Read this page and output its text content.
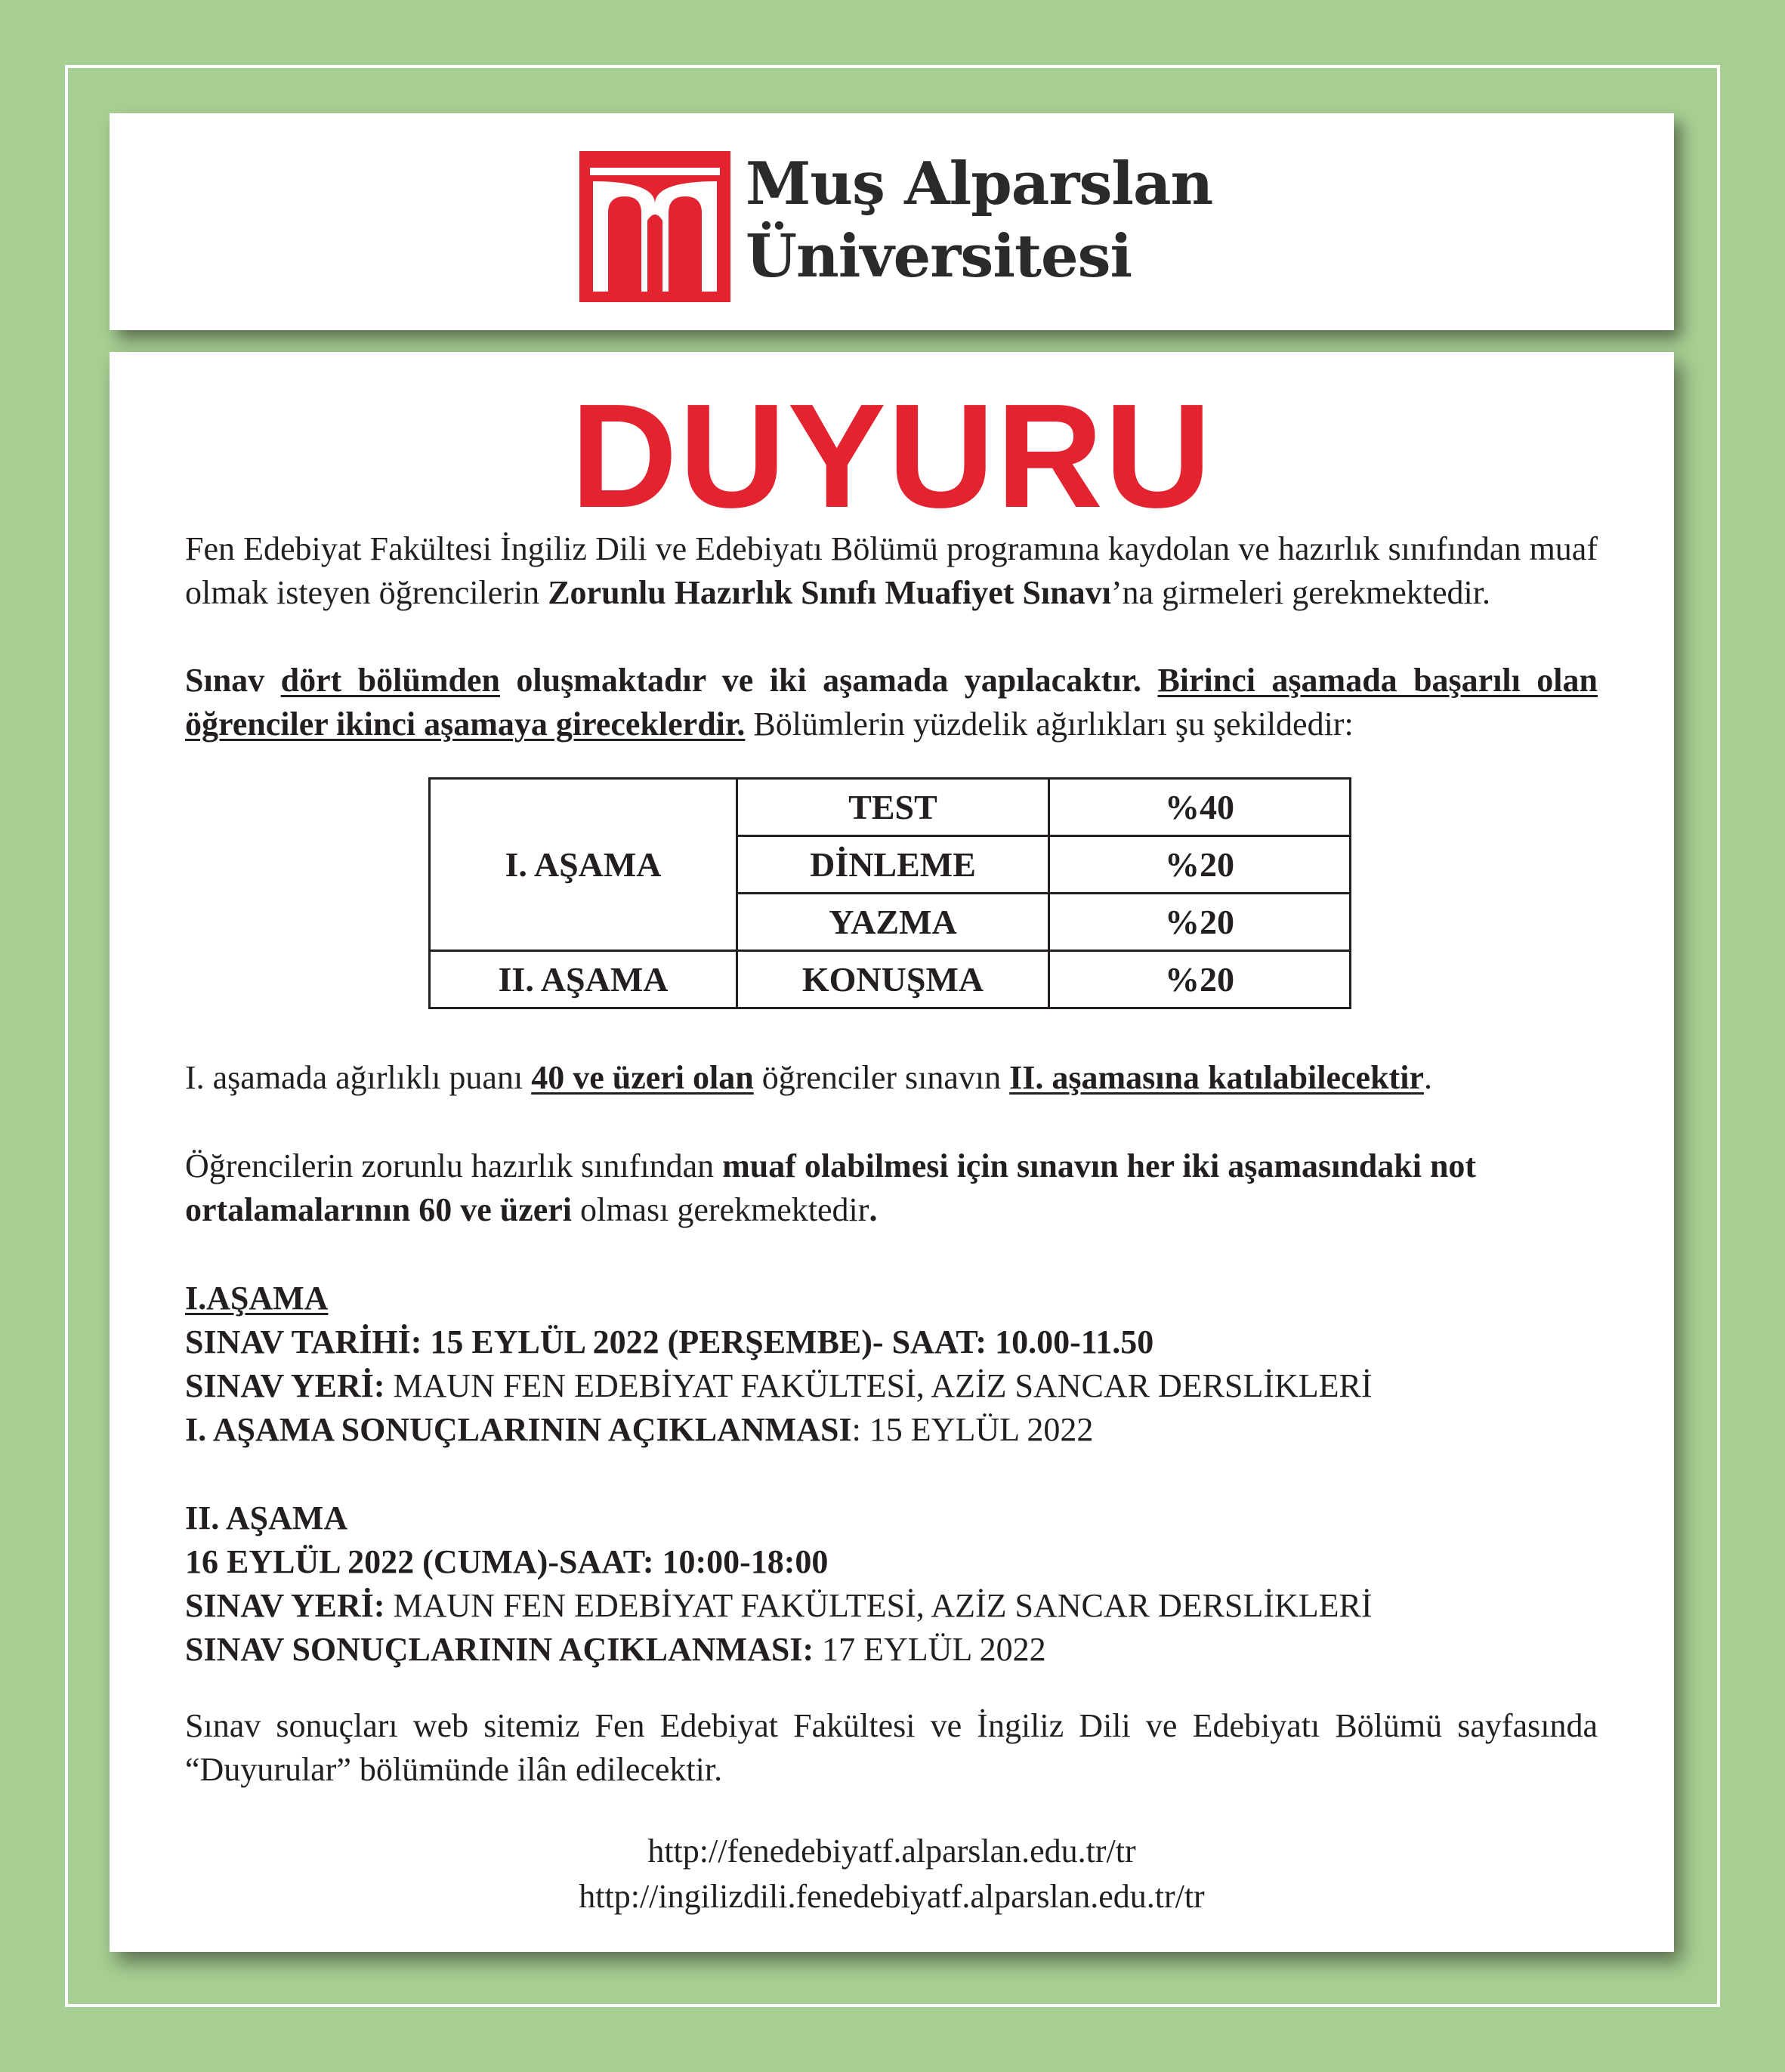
Muş Alparslan
Üniversitesi
DUYURU
Fen Edebiyat Fakültesi İngiliz Dili ve Edebiyatı Bölümü programına kaydolan ve hazırlık sınıfından muaf olmak isteyen öğrencilerin Zorunlu Hazırlık Sınıfı Muafiyet Sınavı’na girmeleri gerekmektedir.
Sınav dört bölümden oluşmaktadır ve iki aşamada yapılacaktır. Birinci aşamada başarılı olan öğrenciler ikinci aşamaya gireceklerdir. Bölümlerin yüzdelik ağırlıkları şu şekildedir:
I. AŞAMA	TEST	%40
	DİNLEME	%20
	YAZMA	%20
II. AŞAMA	KONUŞMA	%20
I. aşamada ağırlıklı puanı 40 ve üzeri olan öğrenciler sınavın II. aşamasına katılabilecektir.
Öğrencilerin zorunlu hazırlık sınıfından muaf olabilmesi için sınavın her iki aşamasındaki not ortalamalarının 60 ve üzeri olması gerekmektedir.
I.AŞAMA
SINAV TARİHİ: 15 EYLÜL 2022 (PERŞEMBE)- SAAT: 10.00-11.50
SINAV YERİ: MAUN FEN EDEBİYAT FAKÜLTESİ, AZİZ SANCAR DERSLİKLERİ
I. AŞAMA SONUÇLARININ AÇIKLANMASI: 15 EYLÜL 2022
II. AŞAMA
16 EYLÜL 2022 (CUMA)-SAAT: 10:00-18:00
SINAV YERİ: MAUN FEN EDEBİYAT FAKÜLTESİ, AZİZ SANCAR DERSLİKLERİ
SINAV SONUÇLARININ AÇIKLANMASI: 17 EYLÜL 2022
Sınav sonuçları web sitemiz Fen Edebiyat Fakültesi ve İngiliz Dili ve Edebiyatı Bölümü sayfasında “Duyurular” bölümünde ilân edilecektir.
http://fenedebiyatf.alparslan.edu.tr/tr
http://ingilizdili.fenedebiyatf.alparslan.edu.tr/tr
